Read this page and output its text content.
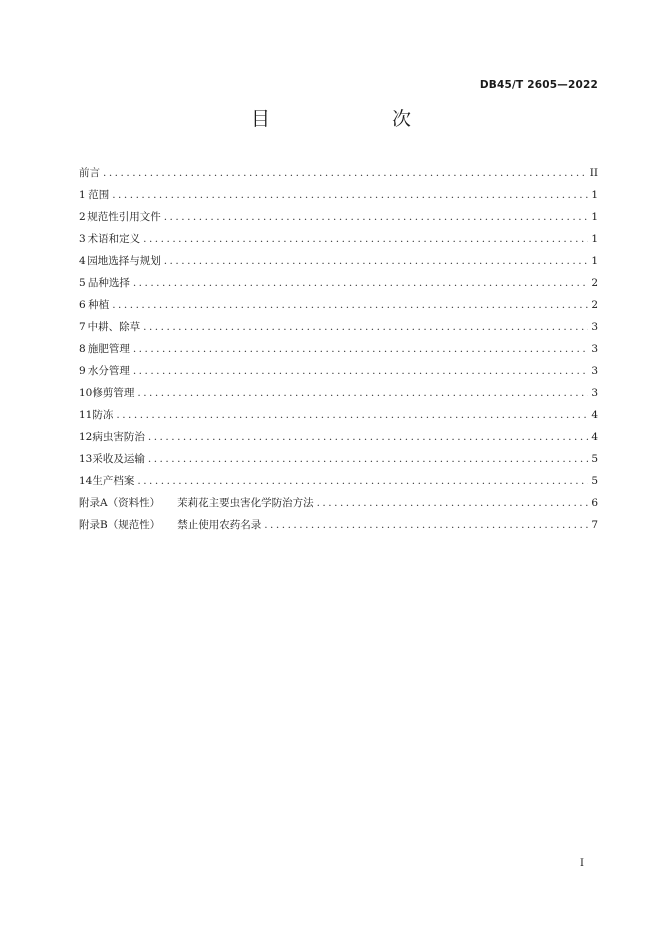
DB45/T 2605—2022
目　　次
前言 .....	II
1 范围 .....	1
2 规范性引用文件 .....	1
3 术语和定义 .....	1
4 园地选择与规划 .....	1
5 品种选择 .....	2
6 种植 .....	2
7 中耕、除草 .....	3
8 施肥管理 .....	3
9 水分管理 .....	3
10 修剪管理 .....	3
11 防冻 .....	4
12 病虫害防治 .....	4
13 采收及运输 .....	5
14 生产档案 .....	5
附录A（资料性） 茉莉花主要虫害化学防治方法 .....	6
附录B（规范性） 禁止使用农药名录 .....	7
I
